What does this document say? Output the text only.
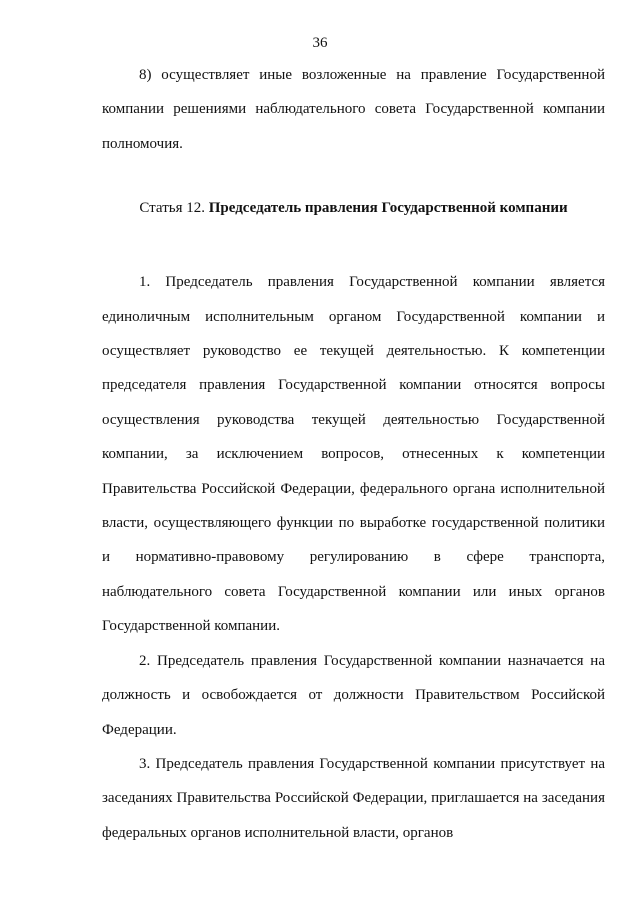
36

8) осуществляет иные возложенные на правление Государственной компании решениями наблюдательного совета Государственной компании полномочия.

Статья 12. Председатель правления Государственной компании

1. Председатель правления Государственной компании является единоличным исполнительным органом Государственной компании и осуществляет руководство ее текущей деятельностью. К компетенции председателя правления Государственной компании относятся вопросы осуществления руководства текущей деятельностью Государственной компании, за исключением вопросов, отнесенных к компетенции Правительства Российской Федерации, федерального органа исполнительной власти, осуществляющего функции по выработке государственной политики и нормативно-правовому регулированию в сфере транспорта, наблюдательного совета Государственной компании или иных органов Государственной компании.

2. Председатель правления Государственной компании назначается на должность и освобождается от должности Правительством Российской Федерации.

3. Председатель правления Государственной компании присутствует на заседаниях Правительства Российской Федерации, приглашается на заседания федеральных органов исполнительной власти, органов
